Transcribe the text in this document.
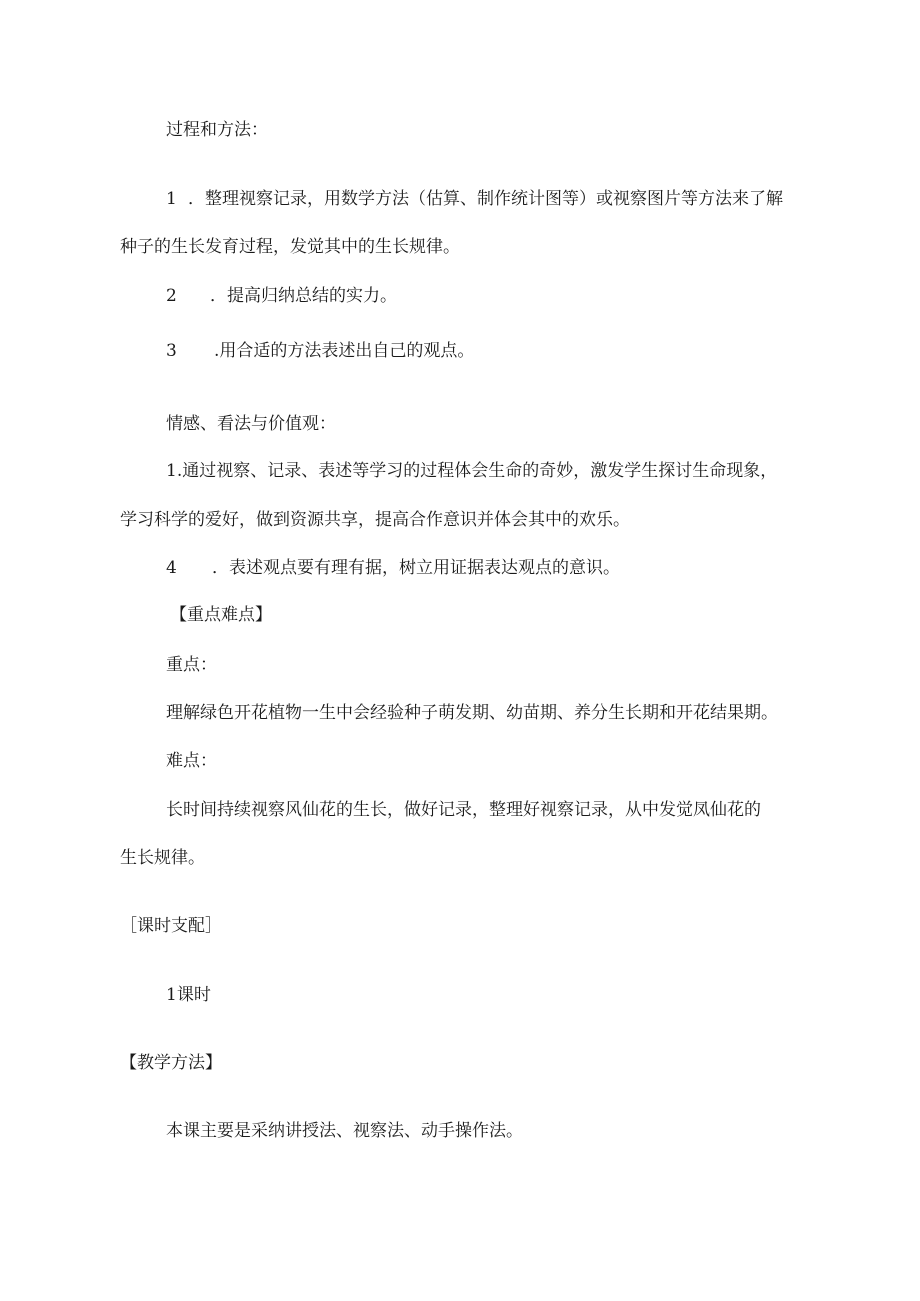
过程和方法：
1 ．整理视察记录，用数学方法（估算、制作统计图等）或视察图片等方法来了解
种子的生长发育过程，发觉其中的生长规律。
2 ．提高归纳总结的实力。
3 .用合适的方法表述出自己的观点。
情感、看法与价值观：
1.通过视察、记录、表述等学习的过程体会生命的奇妙，激发学生探讨生命现象，
学习科学的爱好，做到资源共享，提高合作意识并体会其中的欢乐。
4 ．表述观点要有理有据，树立用证据表达观点的意识。
【重点难点】
重点：
理解绿色开花植物一生中会经验种子萌发期、幼苗期、养分生长期和开花结果期。
难点：
长时间持续视察风仙花的生长，做好记录，整理好视察记录，从中发觉凤仙花的
生长规律。
［课时支配］
1课时
【教学方法】
本课主要是采纳讲授法、视察法、动手操作法。
